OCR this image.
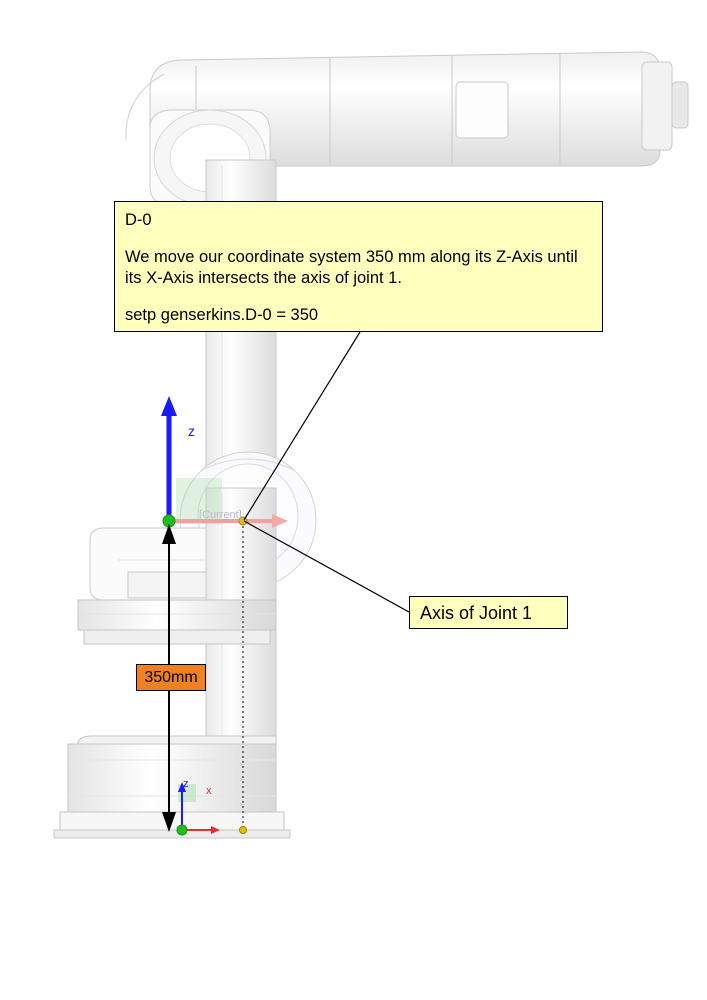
D-0
We move our coordinate system 350 mm along its Z-Axis until its X-Axis intersects the axis of joint 1.
setp genserkins.D-0 = 350
Axis of Joint 1
350mm
z
z
x
[Current]
